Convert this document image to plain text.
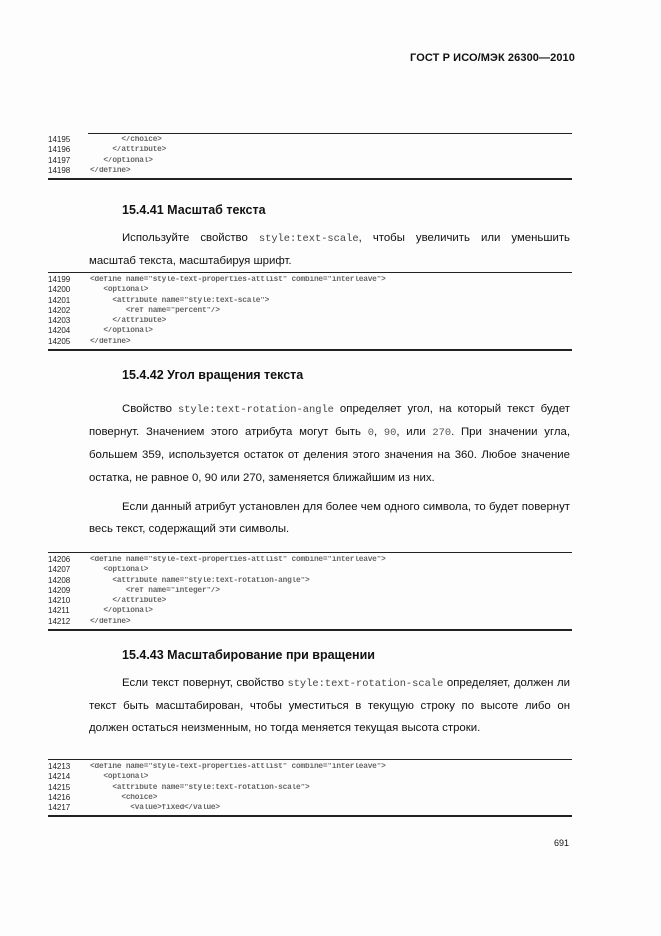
ГОСТ Р ИСО/МЭК 26300—2010
14195	</choice>
14196	</attribute>
14197	</optional>
14198	</define>
15.4.41 Масштаб текста

Используйте свойство style:text-scale, чтобы увеличить или уменьшить масштаб текста, масштабируя шрифт.

14199	<define name="style-text-properties-attlist" combine="interleave">
14200	<optional>
14201	<attribute name="style:text-scale">
14202	<ref name="percent"/>
14203	</attribute>
14204	</optional>
14205	</define>
15.4.42 Угол вращения текста

Свойство style:text-rotation-angle определяет угол, на который текст будет повернут. Значением этого атрибута могут быть 0, 90, или 270. При значении угла, большем 359, используется остаток от деления этого значения на 360. Любое значение остатка, не равное 0, 90 или 270, заменяется ближайшим из них.

Если данный атрибут установлен для более чем одного символа, то будет повернут весь текст, содержащий эти символы.

14206	<define name="style-text-properties-attlist" combine="interleave">
14207	<optional>
14208	<attribute name="style:text-rotation-angle">
14209	<ref name="integer"/>
14210	</attribute>
14211	</optional>
14212	</define>
15.4.43 Масштабирование при вращении

Если текст повернут, свойство style:text-rotation-scale определяет, должен ли текст быть масштабирован, чтобы уместиться в текущую строку по высоте либо он должен остаться неизменным, но тогда меняется текущая высота строки.

14213	<define name="style-text-properties-attlist" combine="interleave">
14214	<optional>
14215	<attribute name="style:text-rotation-scale">
14216	<choice>
14217	<value>fixed</value>
691
